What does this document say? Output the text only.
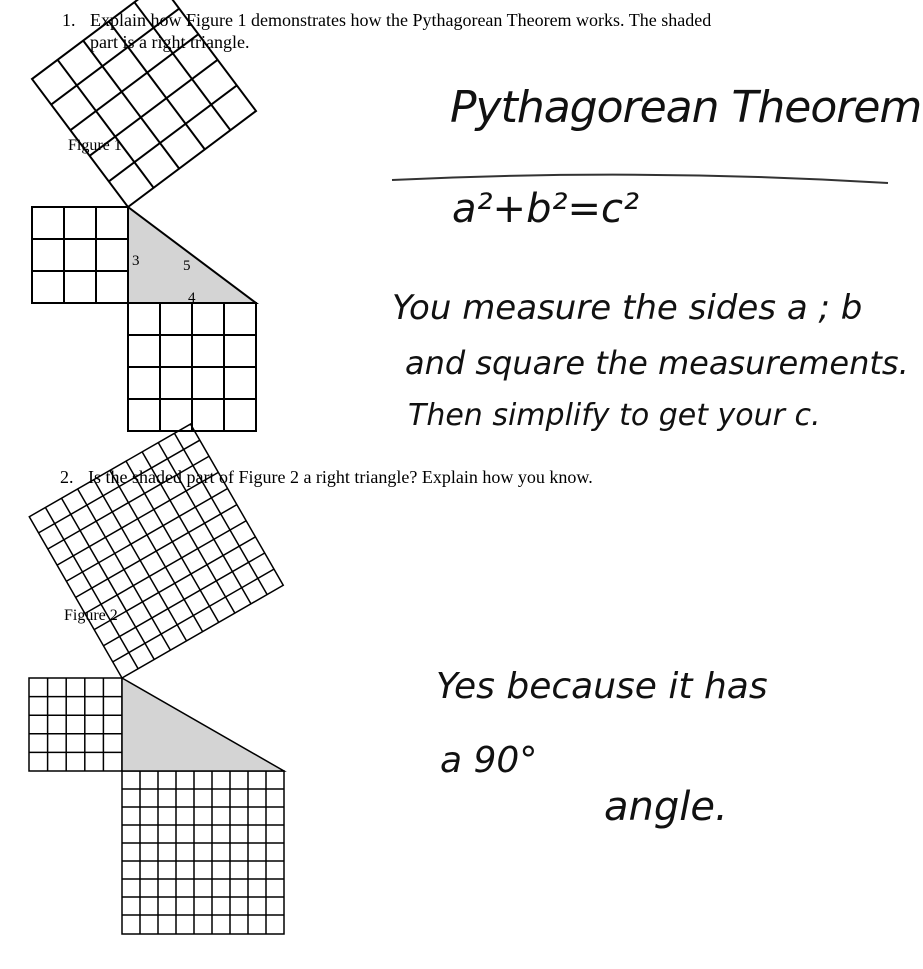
1. Explain how Figure 1 demonstrates how the Pythagorean Theorem works. The shaded
part is a right triangle.
Figure 1
3	5
4
Pythagorean Theorem
a²+b²=c²
You measure the sides a ; b
and square the measurements.
Then simplify to get your c.
2. Is the shaded part of Figure 2 a right triangle? Explain how you know.
Figure 2
Yes because it has
a 90°
angle.
